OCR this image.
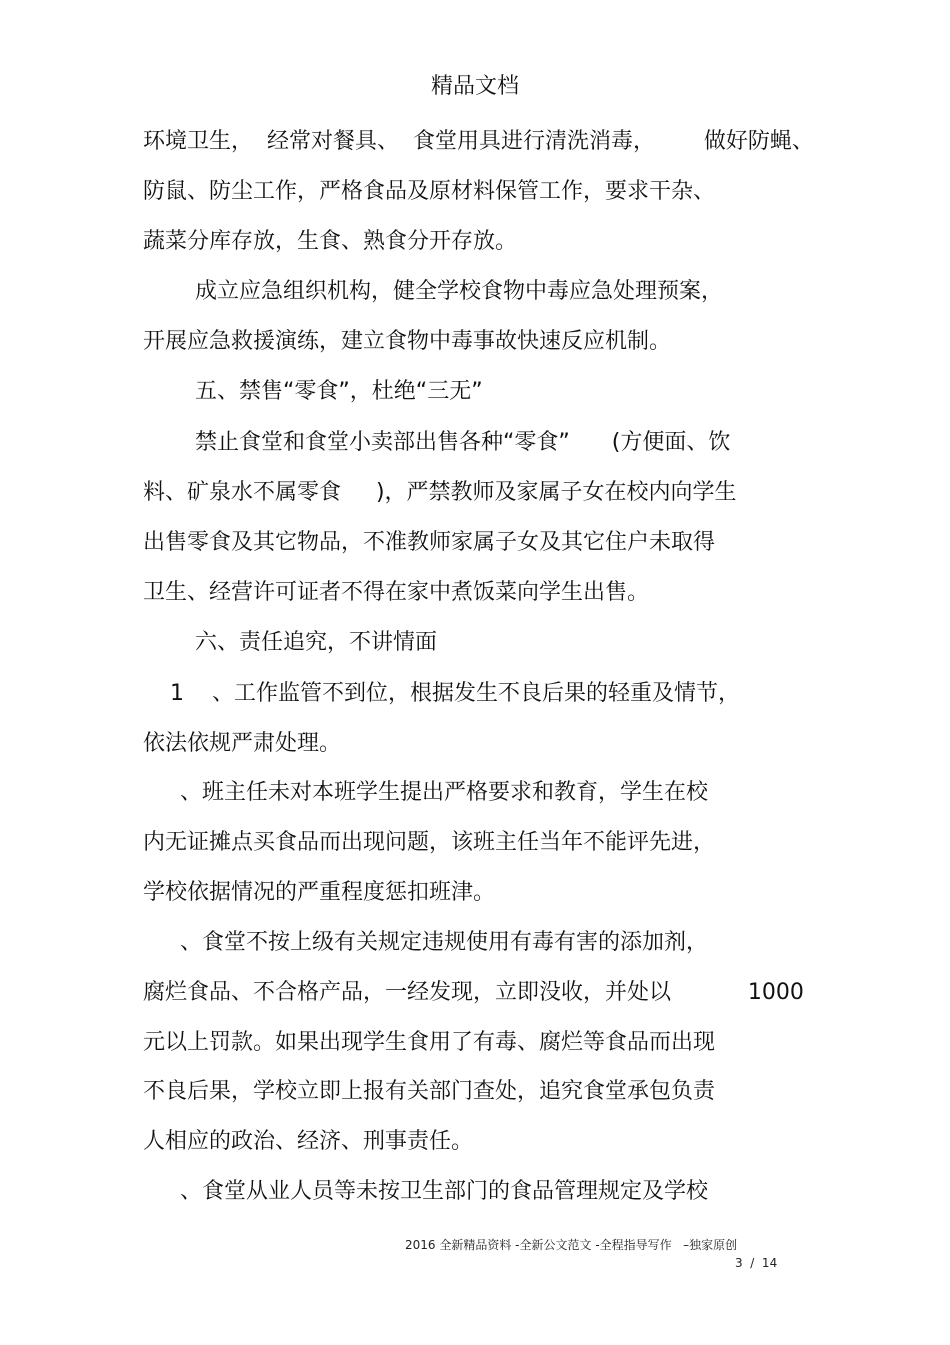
精品文档
环境卫生，  经常对餐具、  食堂用具进行清洗消毒，       做好防蝇、
防鼠、防尘工作，严格食品及原材料保管工作，要求干杂、
蔬菜分库存放，生食、熟食分开存放。
成立应急组织机构，健全学校食物中毒应急处理预案，
开展应急救援演练，建立食物中毒事故快速反应机制。
五、禁售“零食”，杜绝“三无”
禁止食堂和食堂小卖部出售各种“零食”      (方便面、饮
料、矿泉水不属零食     )，严禁教师及家属子女在校内向学生
出售零食及其它物品，不准教师家属子女及其它住户未取得
卫生、经营许可证者不得在家中煮饭菜向学生出售。
六、责任追究，不讲情面
1    、工作监管不到位，根据发生不良后果的轻重及情节，
依法依规严肃处理。
、班主任未对本班学生提出严格要求和教育，学生在校
内无证摊点买食品而出现问题，该班主任当年不能评先进，
学校依据情况的严重程度惩扣班津。
、食堂不按上级有关规定违规使用有毒有害的添加剂，
腐烂食品、不合格产品，一经发现，立即没收，并处以           1000
元以上罚款。如果出现学生食用了有毒、腐烂等食品而出现
不良后果，学校立即上报有关部门查处，追究食堂承包负责
人相应的政治、经济、刑事责任。
、食堂从业人员等未按卫生部门的食品管理规定及学校
2016 全新精品资料 -全新公文范文 -全程指导写作   –独家原创
3  /  14
